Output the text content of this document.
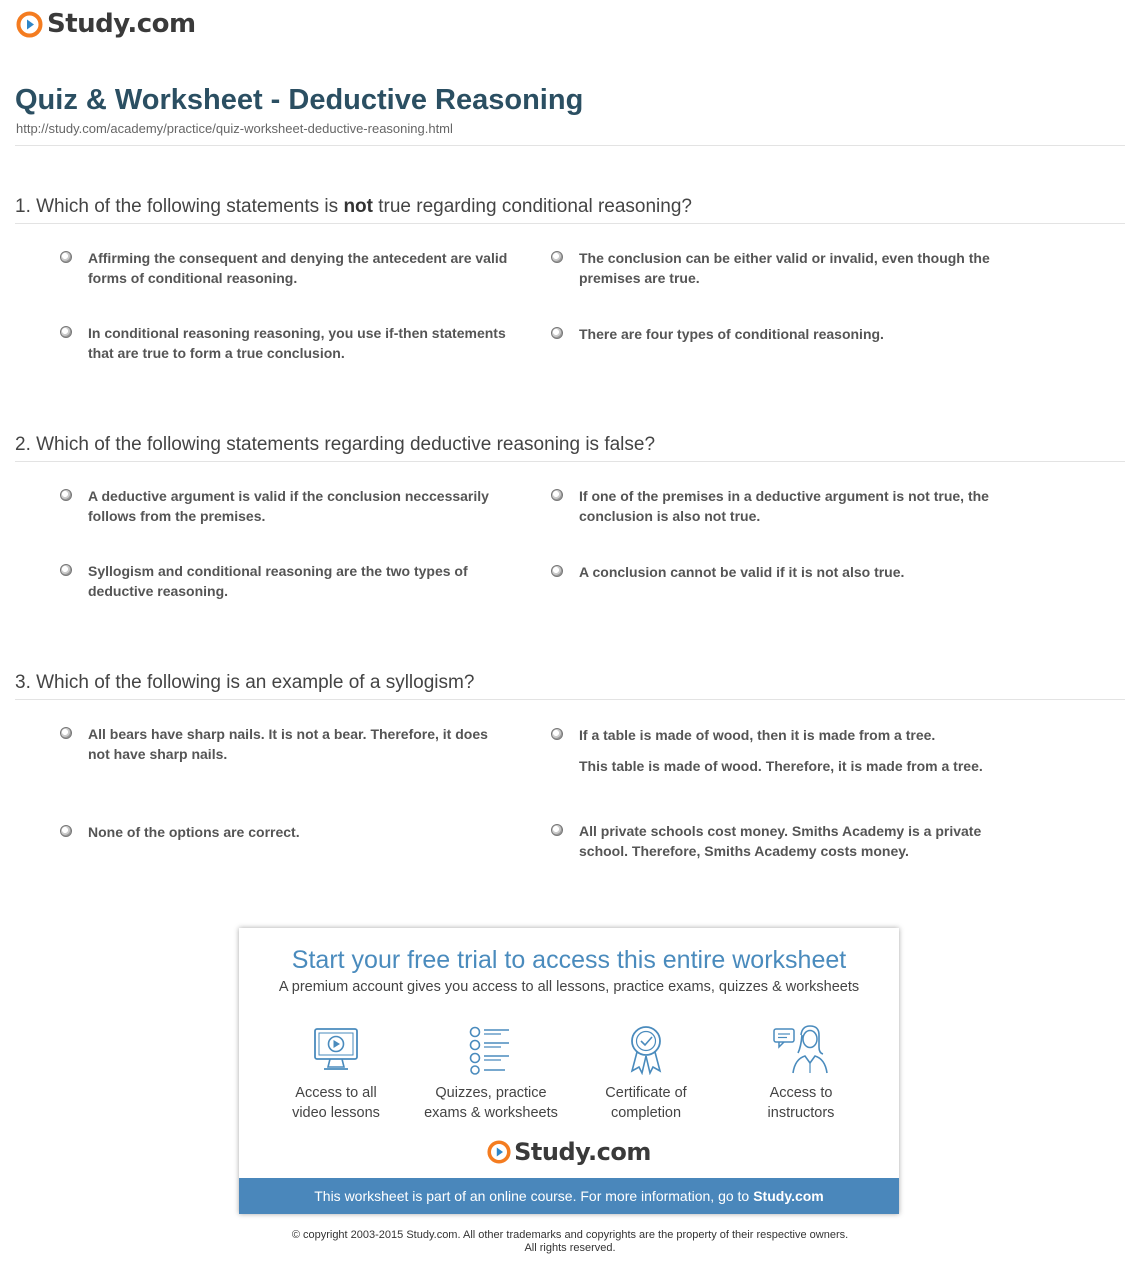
Study.com
Quiz & Worksheet - Deductive Reasoning
http://study.com/academy/practice/quiz-worksheet-deductive-reasoning.html
1. Which of the following statements is not true regarding conditional reasoning?
Affirming the consequent and denying the antecedent are valid forms of conditional reasoning.
The conclusion can be either valid or invalid, even though the premises are true.
In conditional reasoning reasoning, you use if-then statements that are true to form a true conclusion.
There are four types of conditional reasoning.
2. Which of the following statements regarding deductive reasoning is false?
A deductive argument is valid if the conclusion neccessarily follows from the premises.
If one of the premises in a deductive argument is not true, the conclusion is also not true.
Syllogism and conditional reasoning are the two types of deductive reasoning.
A conclusion cannot be valid if it is not also true.
3. Which of the following is an example of a syllogism?
All bears have sharp nails. It is not a bear. Therefore, it does not have sharp nails.

If a table is made of wood, then it is made from a tree.

This table is made of wood. Therefore, it is made from a tree.

None of the options are correct.	All private schools cost money. Smiths Academy is a private school. Therefore, Smiths Academy costs money.
Start your free trial to access this entire worksheet
A premium account gives you access to all lessons, practice exams, quizzes & worksheets
Access to all
video lessons
Quizzes, practice
exams & worksheets
Certificate of
completion
Access to
instructors
Study.com
This worksheet is part of an online course. For more information, go to Study.com
© copyright 2003-2015 Study.com. All other trademarks and copyrights are the property of their respective owners.
All rights reserved.
